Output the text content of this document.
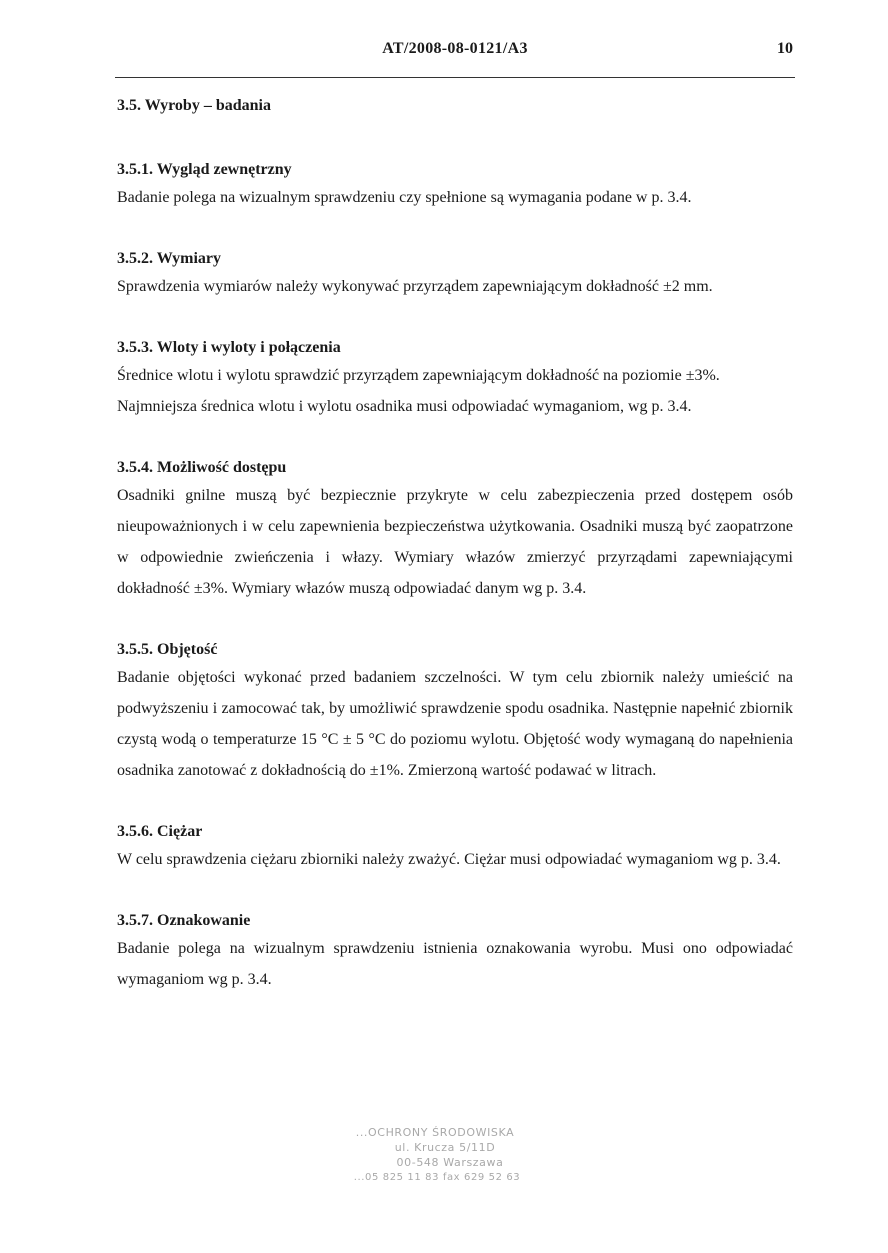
AT/2008-08-0121/A3	10
3.5. Wyroby – badania
3.5.1. Wygląd zewnętrzny

Badanie polega na wizualnym sprawdzeniu czy spełnione są wymagania podane w p. 3.4.

3.5.2. Wymiary

Sprawdzenia wymiarów należy wykonywać przyrządem zapewniającym dokładność ±2 mm.

3.5.3. Wloty i wyloty i połączenia

Średnice wlotu i wylotu sprawdzić przyrządem zapewniającym dokładność na poziomie ±3%.

Najmniejsza średnica wlotu i wylotu osadnika musi odpowiadać wymaganiom, wg p. 3.4.

3.5.4. Możliwość dostępu

Osadniki gnilne muszą być bezpiecznie przykryte w celu zabezpieczenia przed dostępem osób nieupoważnionych i w celu zapewnienia bezpieczeństwa użytkowania. Osadniki muszą być zaopatrzone w odpowiednie zwieńczenia i włazy. Wymiary włazów zmierzyć przyrządami zapewniającymi dokładność ±3%. Wymiary włazów muszą odpowiadać danym wg p. 3.4.

3.5.5. Objętość

Badanie objętości wykonać przed badaniem szczelności. W tym celu zbiornik należy umieścić na podwyższeniu i zamocować tak, by umożliwić sprawdzenie spodu osadnika. Następnie napełnić zbiornik czystą wodą o temperaturze 15 °C ± 5 °C do poziomu wylotu. Objętość wody wymaganą do napełnienia osadnika zanotować z dokładnością do ±1%. Zmierzoną wartość podawać w litrach.

3.5.6. Ciężar

W celu sprawdzenia ciężaru zbiorniki należy zważyć. Ciężar musi odpowiadać wymaganiom wg p. 3.4.

3.5.7. Oznakowanie

Badanie polega na wizualnym sprawdzeniu istnienia oznakowania wyrobu. Musi ono odpowiadać wymaganiom wg p. 3.4.

...OCHRONY ŚRODOWISKA
ul. Krucza 5/11D
00-548 Warszawa
...05 825 11 83 fax 629 52 63
